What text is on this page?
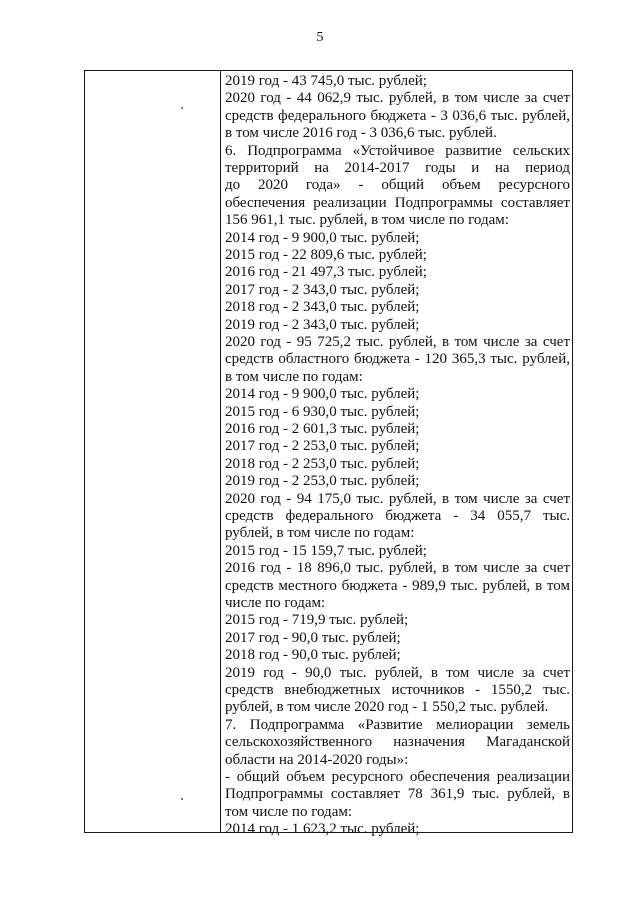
5
2019 год - 43 745,0 тыс. рублей;
2020 год - 44 062,9 тыс. рублей, в том числе за счет
средств федерального бюджета - 3 036,6 тыс. рублей,
в том числе 2016 год - 3 036,6 тыс. рублей.
6. Подпрограмма «Устойчивое развитие сельских
территорий на 2014-2017 годы и на период
до 2020 года» - общий объем ресурсного
обеспечения реализации Подпрограммы составляет
156 961,1 тыс. рублей, в том числе по годам:
2014 год - 9 900,0 тыс. рублей;
2015 год - 22 809,6 тыс. рублей;
2016 год - 21 497,3 тыс. рублей;
2017 год - 2 343,0 тыс. рублей;
2018 год - 2 343,0 тыс. рублей;
2019 год - 2 343,0 тыс. рублей;
2020 год - 95 725,2 тыс. рублей, в том числе за счет
средств областного бюджета - 120 365,3 тыс. рублей,
в том числе по годам:
2014 год - 9 900,0 тыс. рублей;
2015 год - 6 930,0 тыс. рублей;
2016 год - 2 601,3 тыс. рублей;
2017 год - 2 253,0 тыс. рублей;
2018 год - 2 253,0 тыс. рублей;
2019 год - 2 253,0 тыс. рублей;
2020 год - 94 175,0 тыс. рублей, в том числе за счет
средств федерального бюджета - 34 055,7 тыс.
рублей, в том числе по годам:
2015 год - 15 159,7 тыс. рублей;
2016 год - 18 896,0 тыс. рублей, в том числе за счет
средств местного бюджета - 989,9 тыс. рублей, в том
числе по годам:
2015 год - 719,9 тыс. рублей;
2017 год - 90,0 тыс. рублей;
2018 год - 90,0 тыс. рублей;
2019 год - 90,0 тыс. рублей, в том числе за счет
средств внебюджетных источников - 1550,2 тыс.
рублей, в том числе 2020 год - 1 550,2 тыс. рублей.
7. Подпрограмма «Развитие мелиорации земель
сельскохозяйственного назначения Магаданской
области на 2014-2020 годы»:
- общий объем ресурсного обеспечения реализации
Подпрограммы составляет 78 361,9 тыс. рублей, в
том числе по годам:
2014 год - 1 623,2 тыс. рублей;
